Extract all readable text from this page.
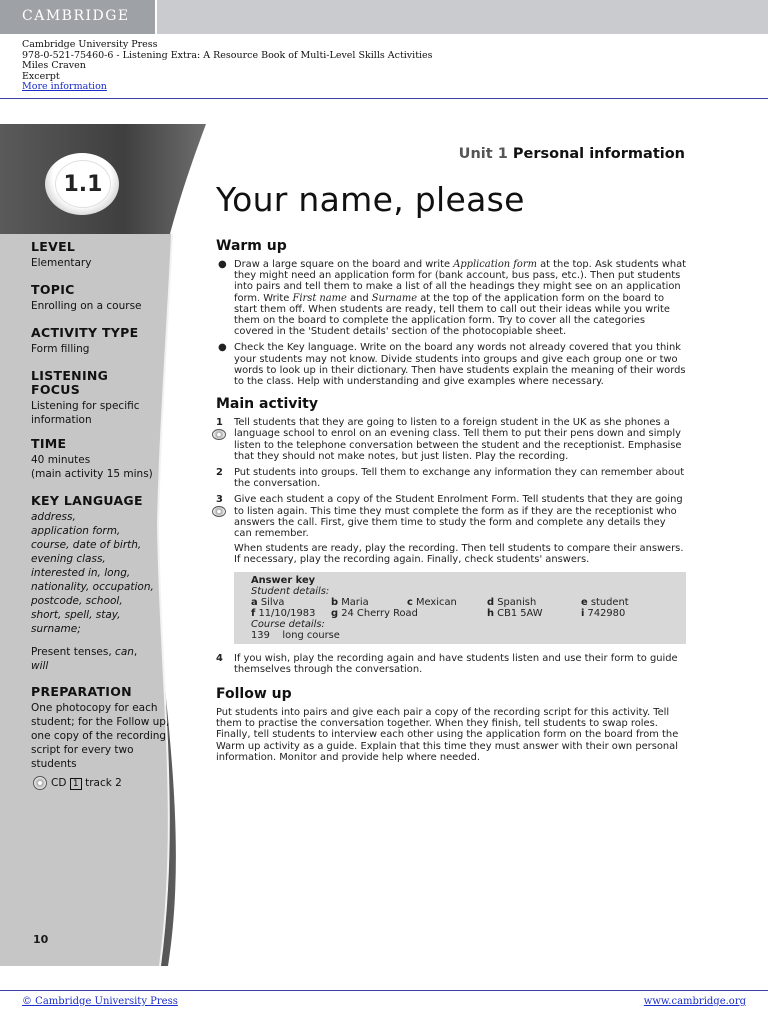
CAMBRIDGE
Cambridge University Press
978-0-521-75460-6 - Listening Extra: A Resource Book of Multi-Level Skills Activities
Miles Craven
Excerpt
More information
1.1
LEVEL
Elementary
TOPIC
Enrolling on a course
ACTIVITY TYPE
Form filling
LISTENING
FOCUS
Listening for specific information
TIME
40 minutes
(main activity 15 mins)
KEY LANGUAGE
address,
application form,
course, date of birth,
evening class,
interested in, long,
nationality, occupation,
postcode, school,
short, spell, stay,
surname;
Present tenses, can,
will
PREPARATION
One photocopy for each student; for the Follow up, one copy of the recording script for every two students
CD 1 track 2
10
Unit 1 Personal information
Your name, please
Warm up
● Draw a large square on the board and write Application form at the top. Ask students what they might need an application form for (bank account, bus pass, etc.). Then put students into pairs and tell them to make a list of all the headings they might see on an application form. Write First name and Surname at the top of the application form on the board to start them off. When students are ready, tell them to call out their ideas while you write them on the board to complete the application form. Try to cover all the categories covered in the 'Student details' section of the photocopiable sheet.
● Check the Key language. Write on the board any words not already covered that you think your students may not know. Divide students into groups and give each group one or two words to look up in their dictionary. Then have students explain the meaning of their words to the class. Help with understanding and give examples where necessary.
Main activity
1 Tell students that they are going to listen to a foreign student in the UK as she phones a language school to enrol on an evening class. Tell them to put their pens down and simply listen to the telephone conversation between the student and the receptionist. Emphasise that they should not make notes, but just listen. Play the recording.
2 Put students into groups. Tell them to exchange any information they can remember about the conversation.
3 Give each student a copy of the Student Enrolment Form. Tell students that they are going to listen again. This time they must complete the form as if they are the receptionist who answers the call. First, give them time to study the form and complete any details they can remember.
When students are ready, play the recording. Then tell students to compare their answers. If necessary, play the recording again. Finally, check students' answers.
Answer key
Student details:
a Silva	b Maria	c Mexican	d Spanish	e student
f 11/10/1983	g 24 Cherry Road	h CB1 5AW	i 742980
Course details:
139 long course
4 If you wish, play the recording again and have students listen and use their form to guide themselves through the conversation.
Follow up
Put students into pairs and give each pair a copy of the recording script for this activity. Tell them to practise the conversation together. When they finish, tell students to swap roles. Finally, tell students to interview each other using the application form on the board from the Warm up activity as a guide. Explain that this time they must answer with their own personal information. Monitor and provide help where needed.
© Cambridge University Press	www.cambridge.org
